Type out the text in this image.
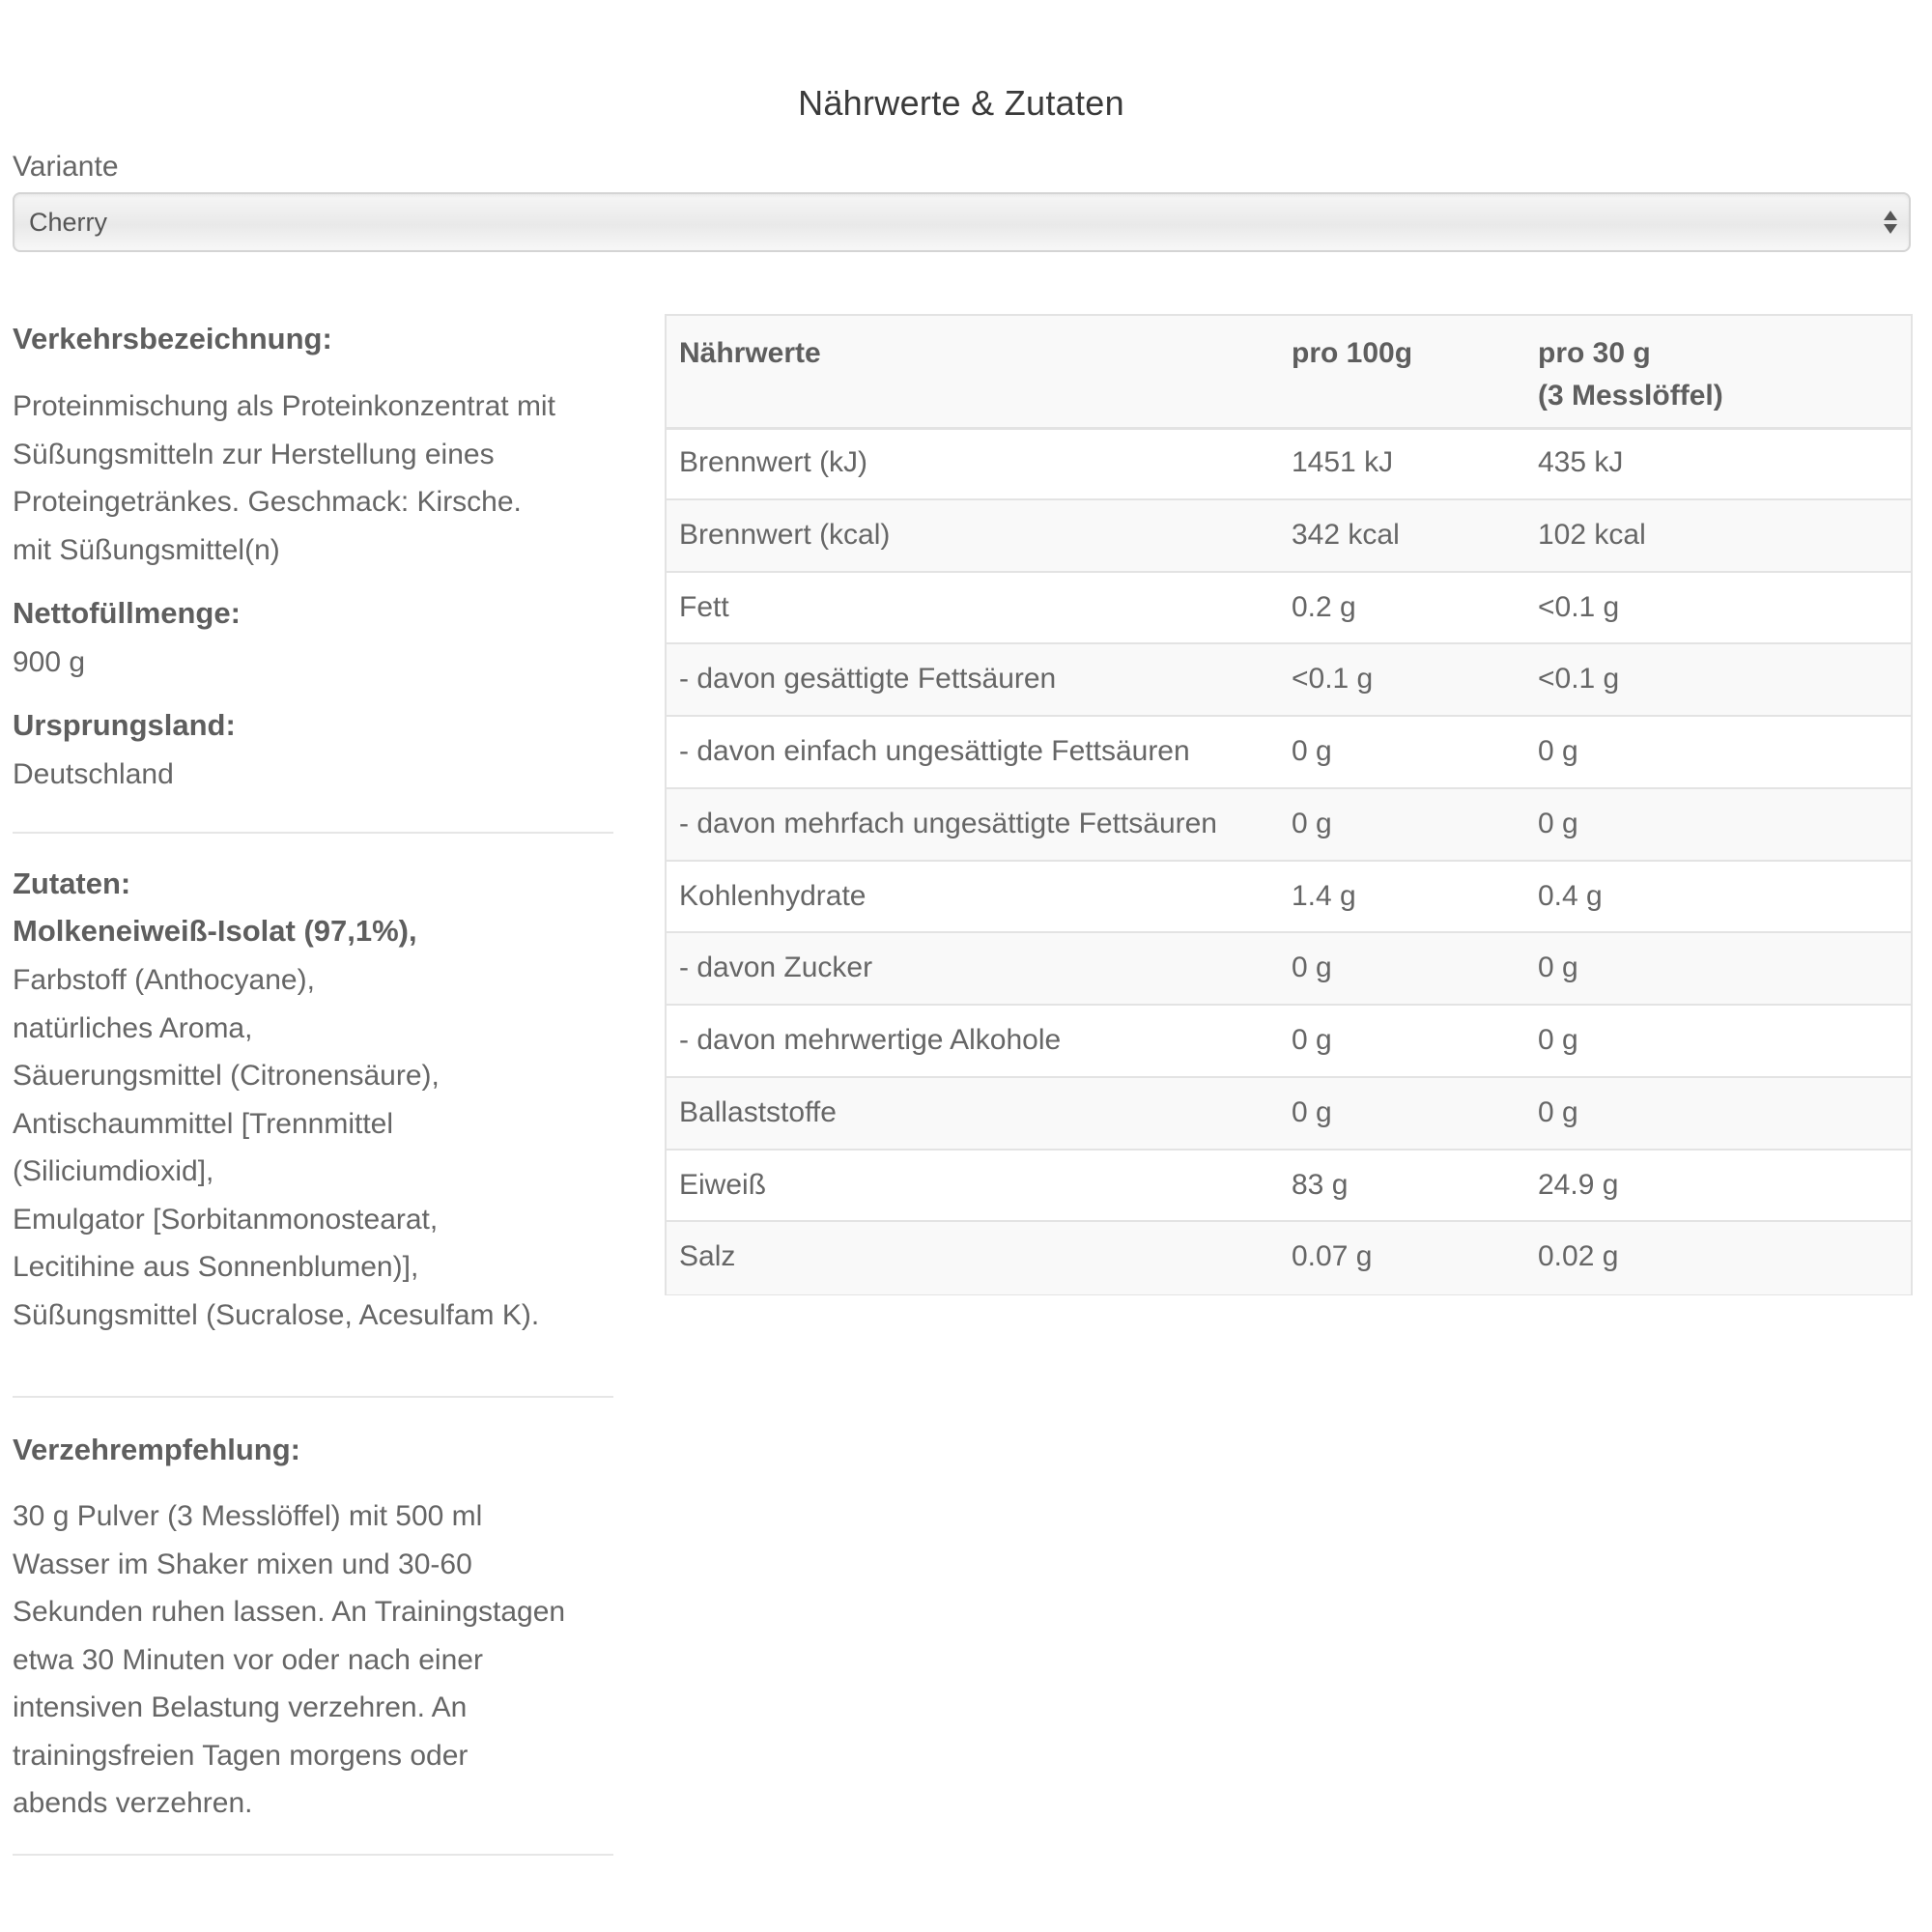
Nährwerte & Zutaten
Variante
Cherry
Verkehrsbezeichnung:
Proteinmischung als Proteinkonzentrat mit
Süßungsmitteln zur Herstellung eines
Proteingetränkes. Geschmack: Kirsche.
mit Süßungsmittel(n)
Nettofüllmenge:
900 g
Ursprungsland:
Deutschland
Zutaten:
Molkeneiweiß-Isolat (97,1%),
Farbstoff (Anthocyane),
natürliches Aroma,
Säuerungsmittel (Citronensäure),
Antischaummittel [Trennmittel
(Siliciumdioxid],
Emulgator [Sorbitanmonostearat,
Lecitihine aus Sonnenblumen)],
Süßungsmittel (Sucralose, Acesulfam K).
Verzehrempfehlung:
30 g Pulver (3 Messlöffel) mit 500 ml
Wasser im Shaker mixen und 30-60
Sekunden ruhen lassen. An Trainingstagen
etwa 30 Minuten vor oder nach einer
intensiven Belastung verzehren. An
trainingsfreien Tagen morgens oder
abends verzehren.
Nährwerte	pro 100g	pro 30 g
(3 Messlöffel)
Brennwert (kJ)	1451 kJ	435 kJ
Brennwert (kcal)	342 kcal	102 kcal
Fett	0.2 g	<0.1 g
- davon gesättigte Fettsäuren	<0.1 g	<0.1 g
- davon einfach ungesättigte Fettsäuren	0 g	0 g
- davon mehrfach ungesättigte Fettsäuren	0 g	0 g
Kohlenhydrate	1.4 g	0.4 g
- davon Zucker	0 g	0 g
- davon mehrwertige Alkohole	0 g	0 g
Ballaststoffe	0 g	0 g
Eiweiß	83 g	24.9 g
Salz	0.07 g	0.02 g
